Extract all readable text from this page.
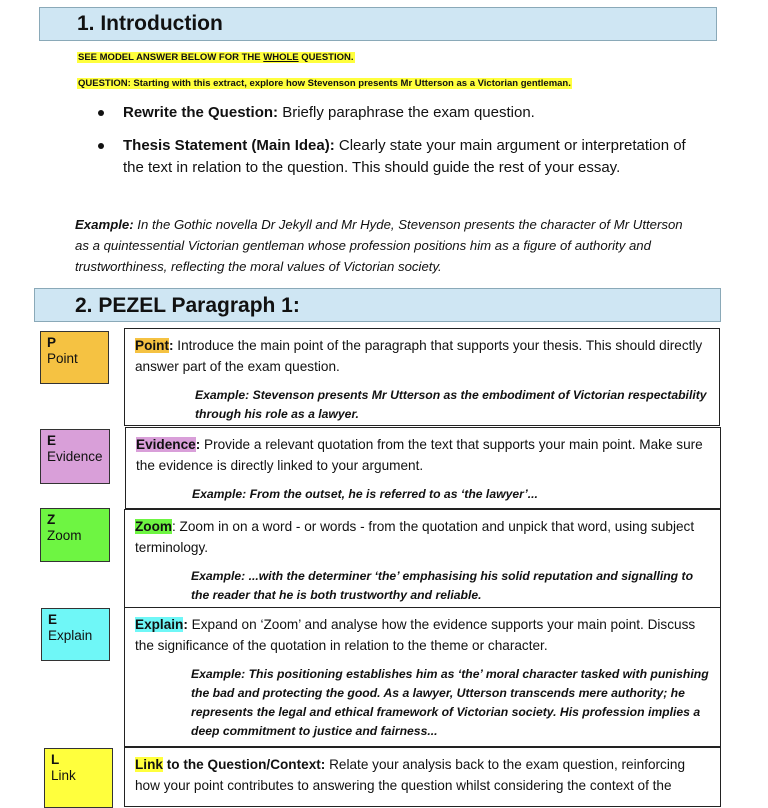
1. Introduction
SEE MODEL ANSWER BELOW FOR THE WHOLE QUESTION.
QUESTION: Starting with this extract, explore how Stevenson presents Mr Utterson as a Victorian gentleman.
Rewrite the Question: Briefly paraphrase the exam question.
Thesis Statement (Main Idea): Clearly state your main argument or interpretation of the text in relation to the question. This should guide the rest of your essay.
Example: In the Gothic novella Dr Jekyll and Mr Hyde, Stevenson presents the character of Mr Utterson as a quintessential Victorian gentleman whose profession positions him as a figure of authority and trustworthiness, reflecting the moral values of Victorian society.
2. PEZEL Paragraph 1:
P
Point
Point: Introduce the main point of the paragraph that supports your thesis. This should directly answer part of the exam question.
Example: Stevenson presents Mr Utterson as the embodiment of Victorian respectability through his role as a lawyer.
E
Evidence
Evidence: Provide a relevant quotation from the text that supports your main point. Make sure the evidence is directly linked to your argument.
Example: From the outset, he is referred to as ‘the lawyer’...
Z
Zoom
Zoom: Zoom in on a word - or words - from the quotation and unpick that word, using subject terminology.
Example: ...with the determiner ‘the’ emphasising his solid reputation and signalling to the reader that he is both trustworthy and reliable.
E
Explain
Explain: Expand on ‘Zoom’ and analyse how the evidence supports your main point. Discuss the significance of the quotation in relation to the theme or character.
Example: This positioning establishes him as ‘the’ moral character tasked with punishing the bad and protecting the good. As a lawyer, Utterson transcends mere authority; he represents the legal and ethical framework of Victorian society. His profession implies a deep commitment to justice and fairness...
L
Link
Link to the Question/Context: Relate your analysis back to the exam question, reinforcing how your point contributes to answering the question whilst considering the context of the
